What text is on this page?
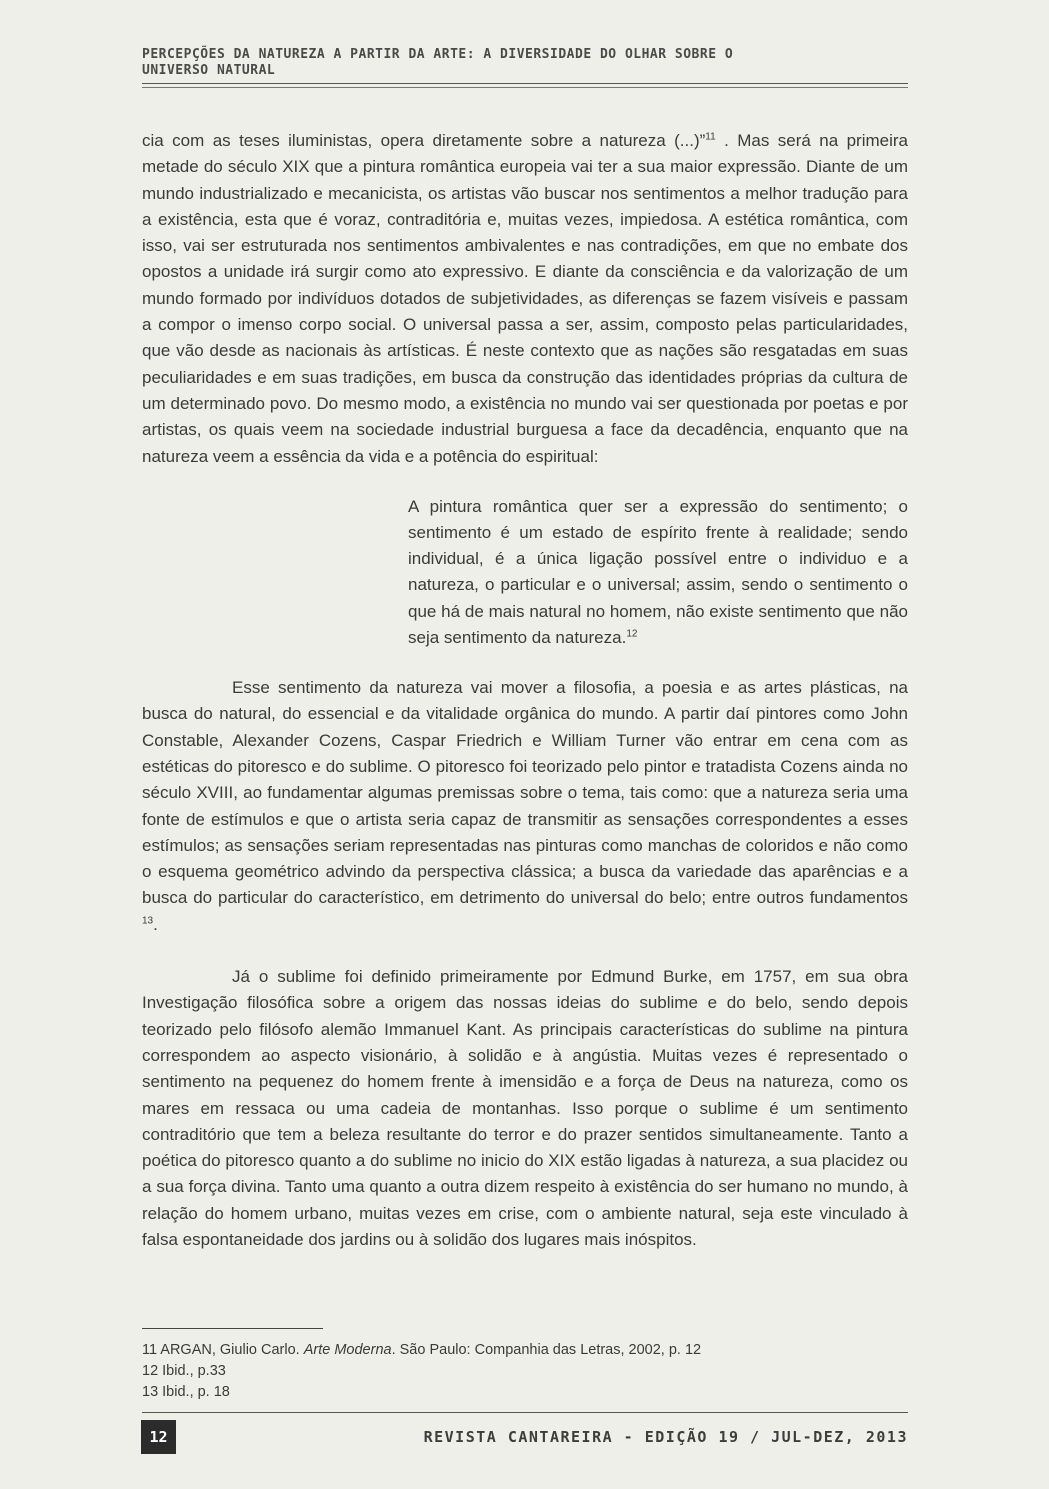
PERCEPÇÕES DA NATUREZA A PARTIR DA ARTE: A DIVERSIDADE DO OLHAR SOBRE O UNIVERSO NATURAL

cia com as teses iluministas, opera diretamente sobre a natureza (...)”$^{11}$ . Mas será na primeira metade do século XIX que a pintura romântica europeia vai ter a sua maior expressão. Diante de um mundo industrializado e mecanicista, os artistas vão buscar nos sentimentos a melhor tradução para a existência, esta que é voraz, contraditória e, muitas vezes, impiedosa. A estética romântica, com isso, vai ser estruturada nos sentimentos ambivalentes e nas contradições, em que no embate dos opostos a unidade irá surgir como ato expressivo. E diante da consciência e da valorização de um mundo formado por indivíduos dotados de subjetividades, as diferenças se fazem visíveis e passam a compor o imenso corpo social. O universal passa a ser, assim, composto pelas particularidades, que vão desde as nacionais às artísticas. É neste contexto que as nações são resgatadas em suas peculiaridades e em suas tradições, em busca da construção das identidades próprias da cultura de um determinado povo. Do mesmo modo, a existência no mundo vai ser questionada por poetas e por artistas, os quais veem na sociedade industrial burguesa a face da decadência, enquanto que na natureza veem a essência da vida e a potência do espiritual:

A pintura romântica quer ser a expressão do sentimento; o sentimento é um estado de espírito frente à realidade; sendo individual, é a única ligação possível entre o individuo e a natureza, o particular e o universal; assim, sendo o sentimento o que há de mais natural no homem, não existe sentimento que não seja sentimento da natureza.$^{12}$

Esse sentimento da natureza vai mover a filosofia, a poesia e as artes plásticas, na busca do natural, do essencial e da vitalidade orgânica do mundo. A partir daí pintores como John Constable, Alexander Cozens, Caspar Friedrich e William Turner vão entrar em cena com as estéticas do pitoresco e do sublime. O pitoresco foi teorizado pelo pintor e tratadista Cozens ainda no século XVIII, ao fundamentar algumas premissas sobre o tema, tais como: que a natureza seria uma fonte de estímulos e que o artista seria capaz de transmitir as sensações correspondentes a esses estímulos; as sensações seriam representadas nas pinturas como manchas de coloridos e não como o esquema geométrico advindo da perspectiva clássica; a busca da variedade das aparências e a busca do particular do característico, em detrimento do universal do belo; entre outros fundamentos $^{13}$.

Já o sublime foi definido primeiramente por Edmund Burke, em 1757, em sua obra Investigação filosófica sobre a origem das nossas ideias do sublime e do belo, sendo depois teorizado pelo filósofo alemão Immanuel Kant. As principais características do sublime na pintura correspondem ao aspecto visionário, à solidão e à angústia. Muitas vezes é representado o sentimento na pequenez do homem frente à imensidão e a força de Deus na natureza, como os mares em ressaca ou uma cadeia de montanhas. Isso porque o sublime é um sentimento contraditório que tem a beleza resultante do terror e do prazer sentidos simultaneamente. Tanto a poética do pitoresco quanto a do sublime no inicio do XIX estão ligadas à natureza, a sua placidez ou a sua força divina. Tanto uma quanto a outra dizem respeito à existência do ser humano no mundo, à relação do homem urbano, muitas vezes em crise, com o ambiente natural, seja este vinculado à falsa espontaneidade dos jardins ou à solidão dos lugares mais inóspitos.

11 ARGAN, Giulio Carlo. Arte Moderna. São Paulo: Companhia das Letras, 2002, p. 12
12 Ibid., p.33
13 Ibid., p. 18
12	REVISTA CANTAREIRA - EDIÇÃO 19 / JUL-DEZ, 2013
